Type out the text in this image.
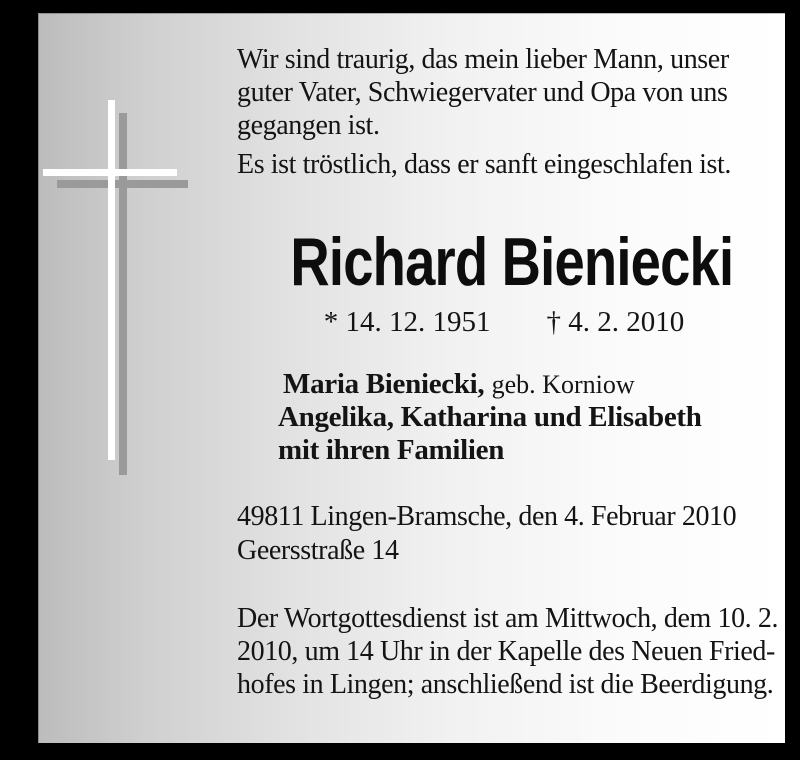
Wir sind traurig, das mein lieber Mann, unser
guter Vater, Schwiegervater und Opa von uns
gegangen ist.

Es ist tröstlich, dass er sanft eingeschlafen ist.

Richard Bieniecki
* 14. 12. 1951 † 4. 2. 2010
Maria Bieniecki, geb. Korniow
Angelika, Katharina und Elisabeth
mit ihren Familien
49811 Lingen-Bramsche, den 4. Februar 2010
Geersstraße 14

Der Wortgottesdienst ist am Mittwoch, dem 10. 2.
2010, um 14 Uhr in der Kapelle des Neuen Fried-
hofes in Lingen; anschließend ist die Beerdigung.
